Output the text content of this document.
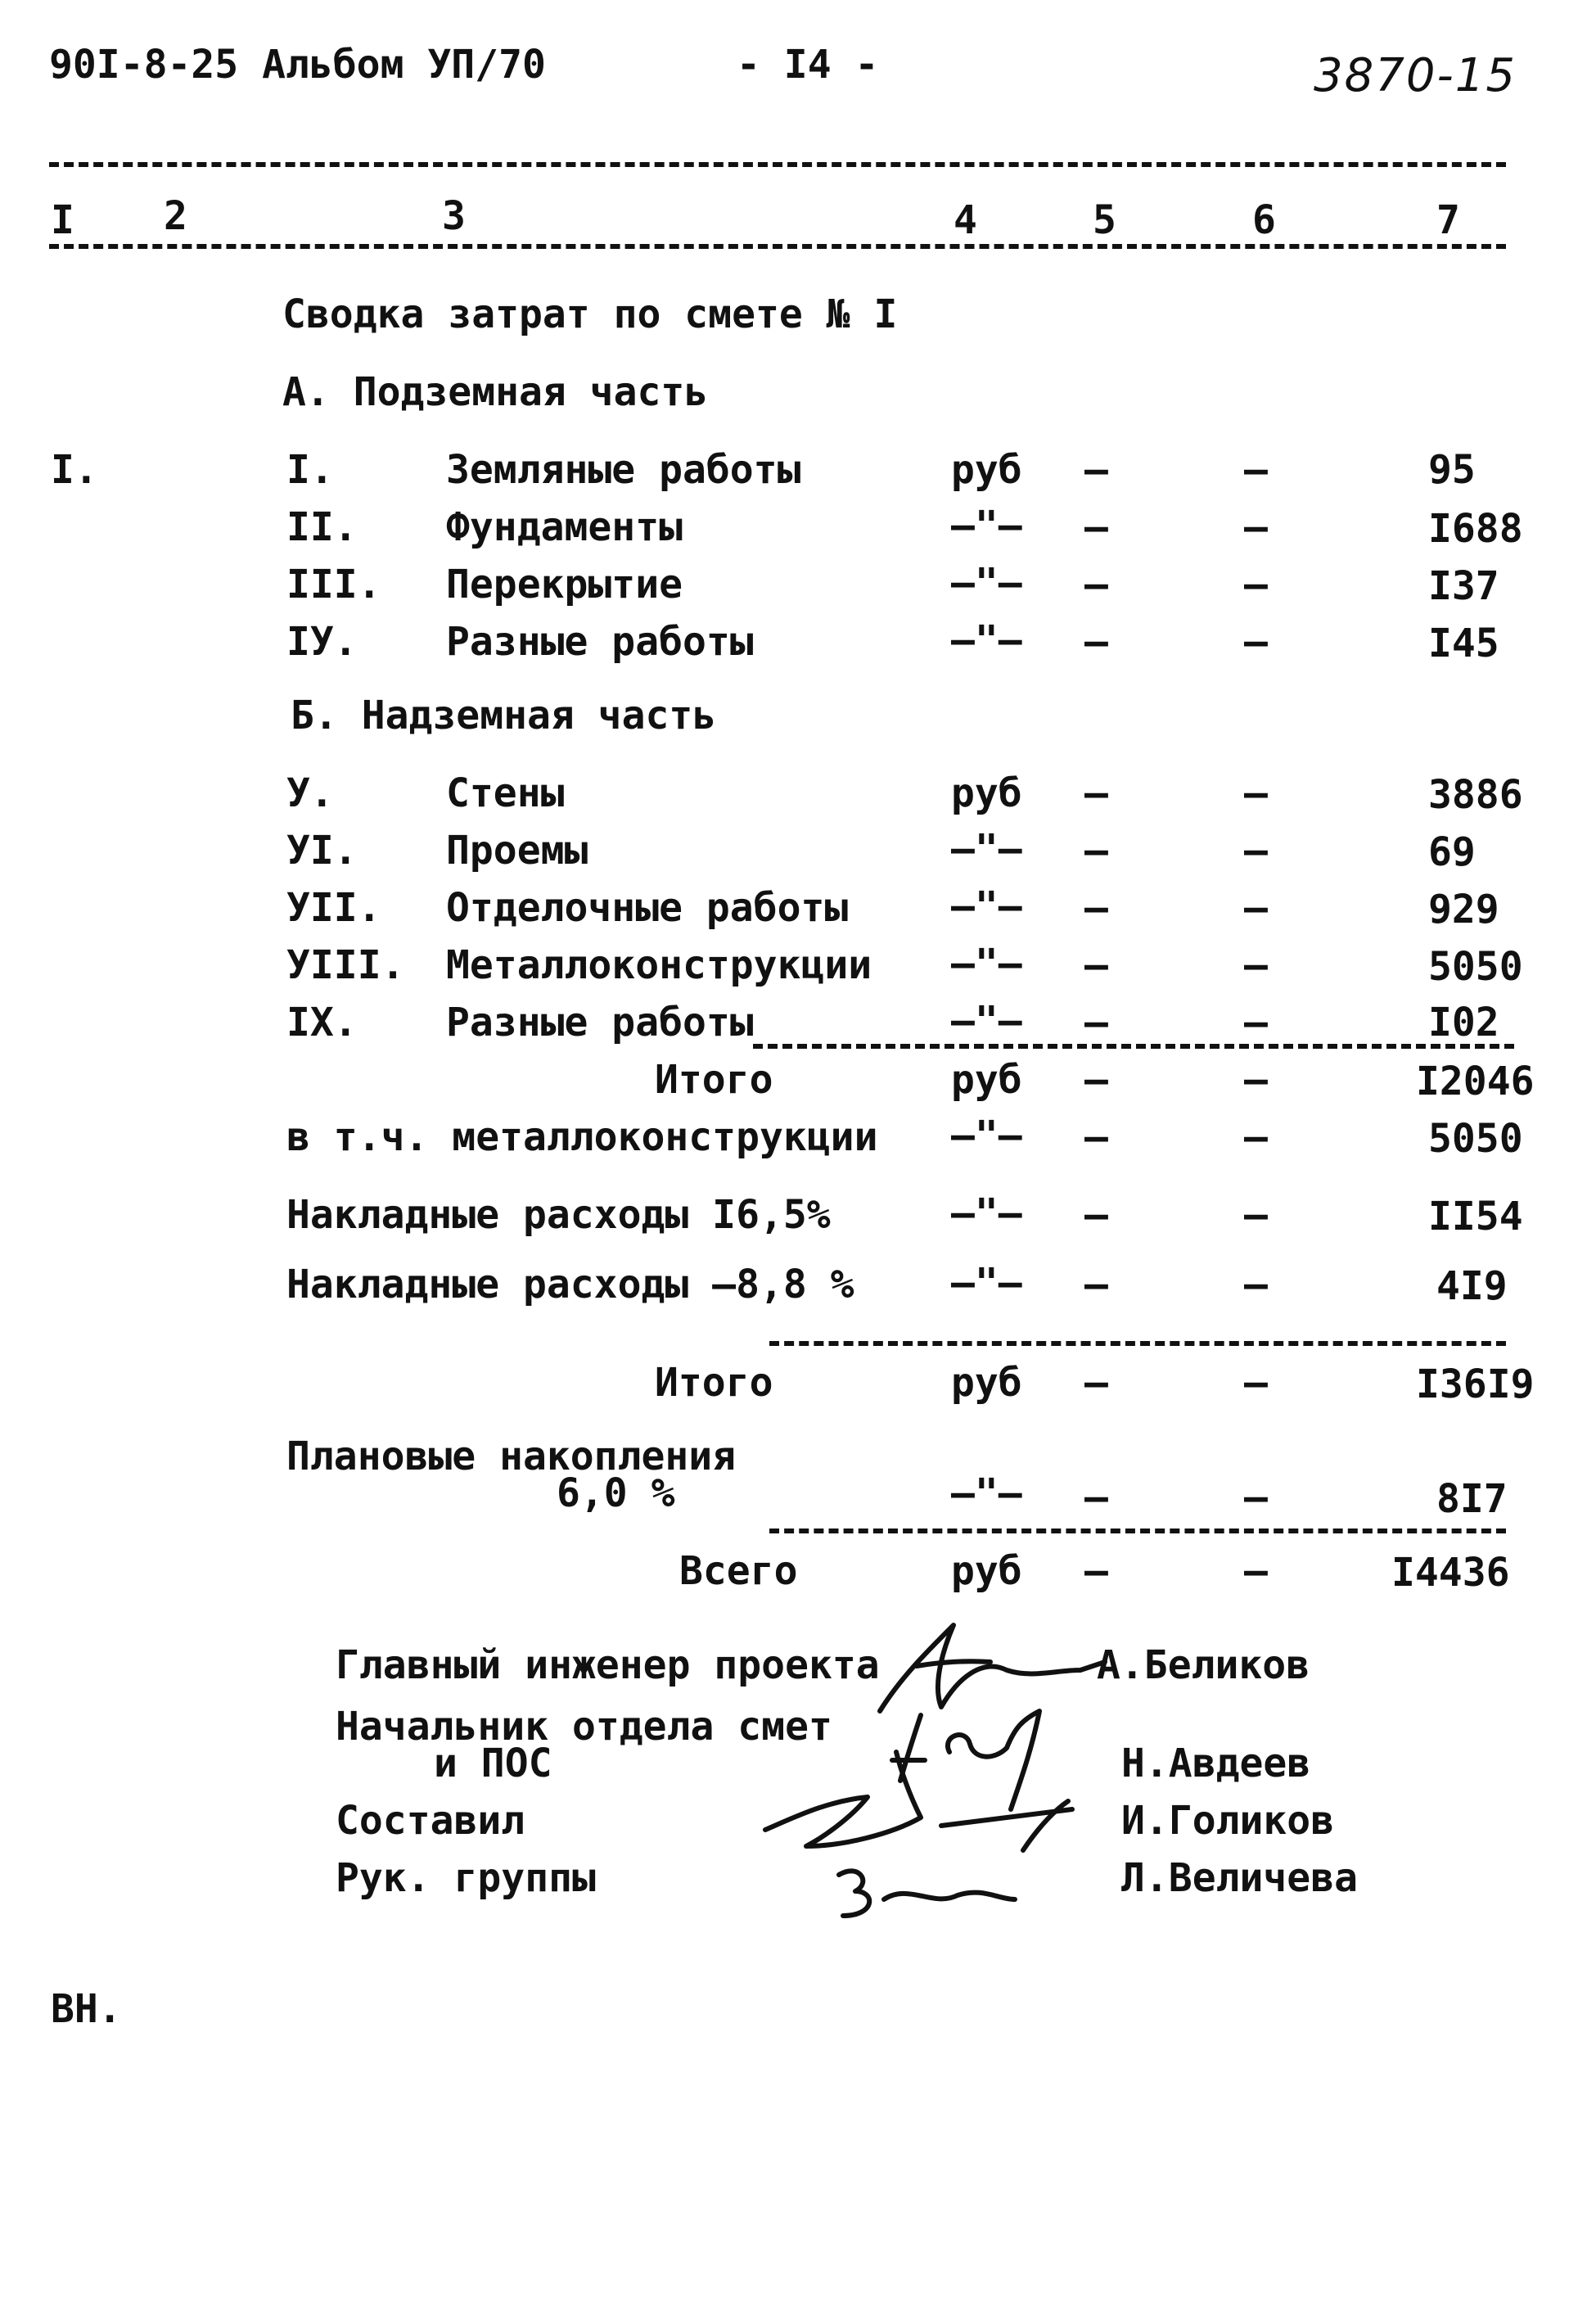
90I-8-25 Альбом УП/70	- I4 -	3870-15
I 2	3	4	5	6	7
Сводка затрат по смете № I
А. Подземная часть
I.	I.	Земляные работы	руб –	–	95
II. Фундаменты	–"– –	–	I688
III. Перекрытие	–"– –	–	I37
IУ. Разные работы	–"– –	–	I45
Б. Надземная часть
У.	Стены	руб –	–	3886
УI. Проемы	–"– –	–	69
УII. Отделочные работы	–"– –	–	929
УIII. Металлоконструкции –"– –	–	5050
IX. Разные работы	–"– –	–	I02
Итого	руб –	–	I2046
в т.ч. металлоконструкции –"– –	–	5050
Накладные расходы I6,5%	–"– –	–	II54
Накладные расходы –8,8 % –"– –	–	4I9
Итого	руб –	–	I36I9
Плановые накопления
6,0 %	–"– –	–	8I7
Всего	руб –	–	I4436
Главный инженер проекта	А.Беликов
Начальник отдела смет
и ПОС	Н.Авдеев
Составил	И.Голиков
Рук. группы	Л.Величева
ВН.
